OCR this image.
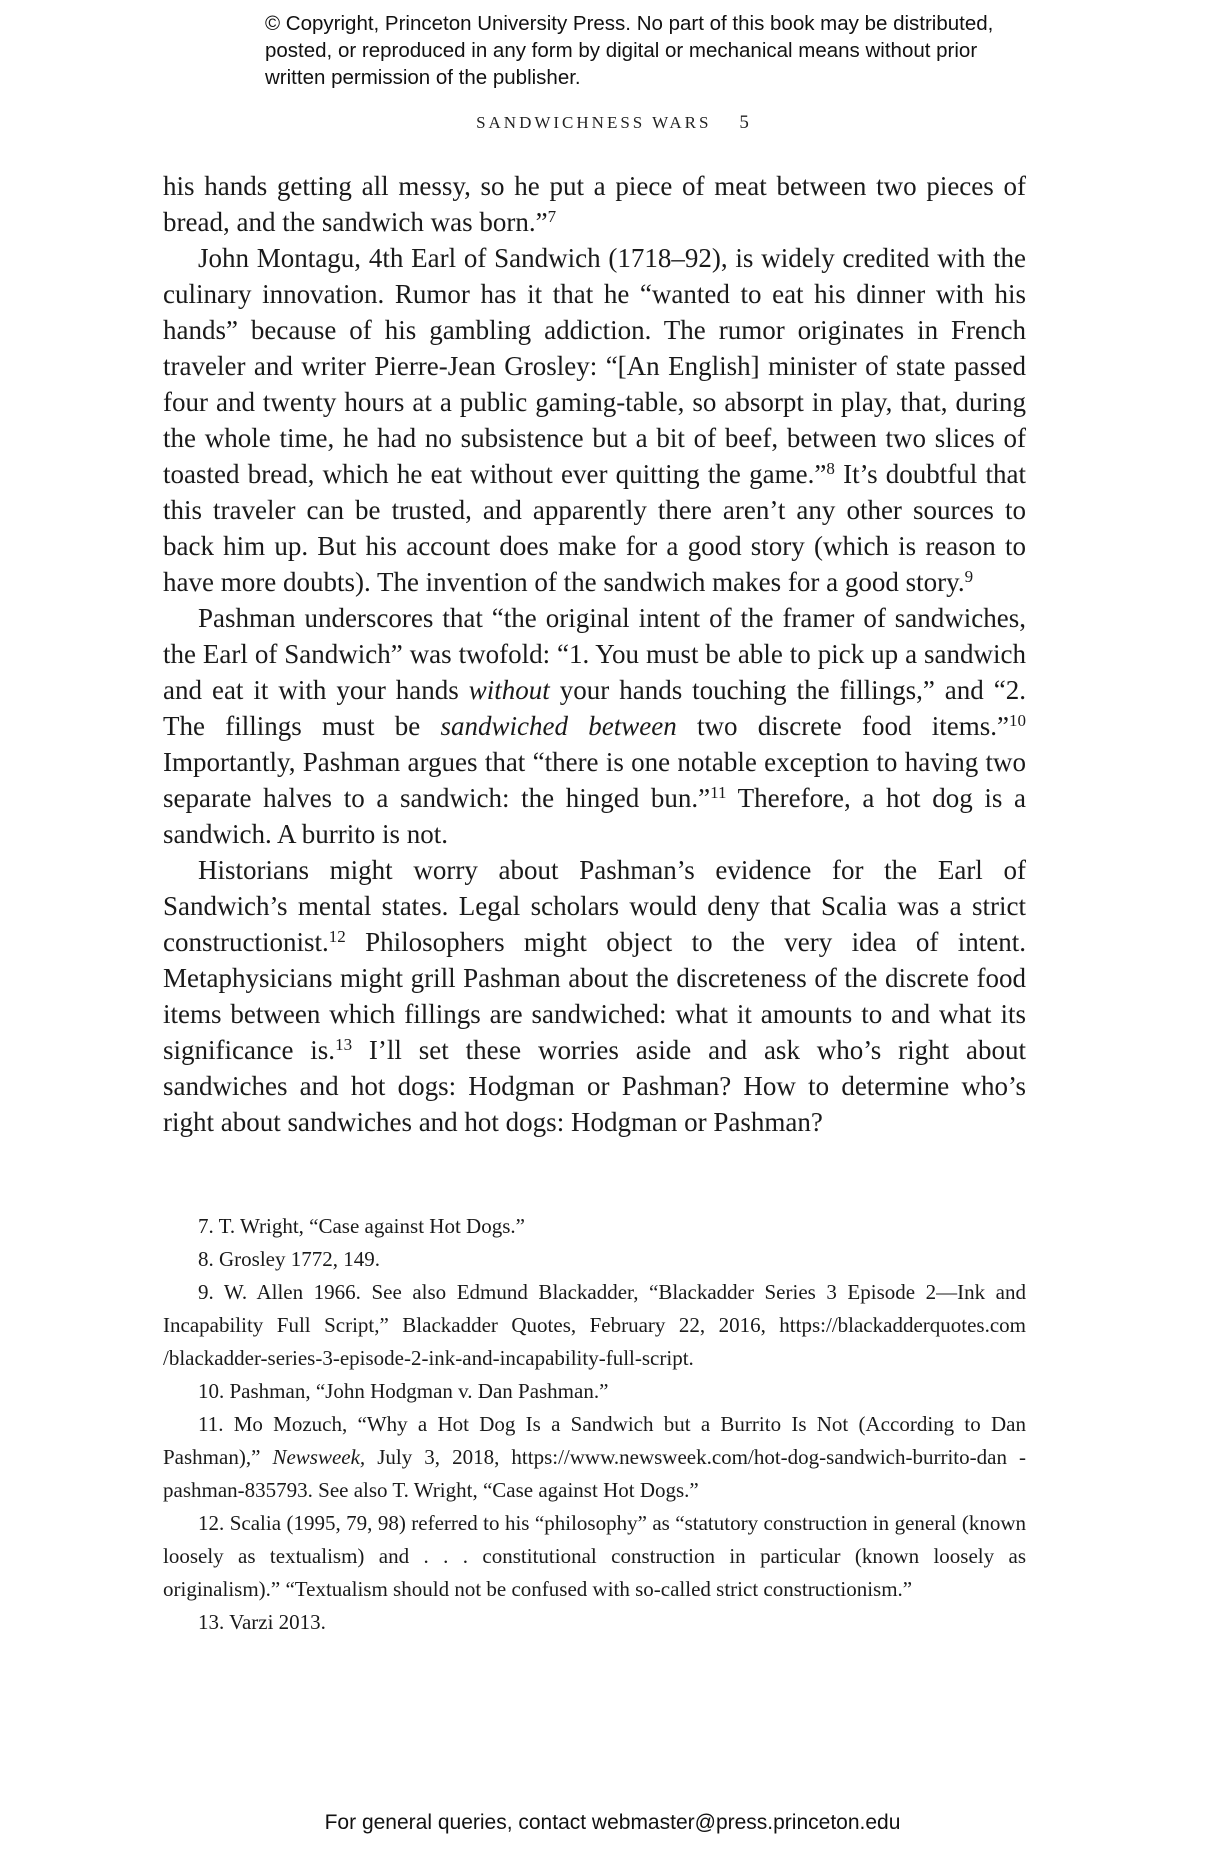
© Copyright, Princeton University Press. No part of this book may be distributed, posted, or reproduced in any form by digital or mechanical means without prior written permission of the publisher.
SANDWICHNESS WARS 5

his hands getting all messy, so he put a piece of meat between two pieces of bread, and the sandwich was born.”$^7$

John Montagu, 4th Earl of Sandwich (1718–92), is widely credited with the culinary innovation. Rumor has it that he “wanted to eat his dinner with his hands” because of his gambling addiction. The rumor originates in French traveler and writer Pierre-Jean Grosley: “[An English] minister of state passed four and twenty hours at a public gaming-table, so absorpt in play, that, during the whole time, he had no subsistence but a bit of beef, between two slices of toasted bread, which he eat without ever quitting the game.”$^8$ It’s doubtful that this traveler can be trusted, and apparently there aren’t any other sources to back him up. But his account does make for a good story (which is reason to have more doubts). The invention of the sandwich makes for a good story.$^9$

Pashman underscores that “the original intent of the framer of sandwiches, the Earl of Sandwich” was twofold: “1. You must be able to pick up a sandwich and eat it with your hands without your hands touching the fillings,” and “2. The fillings must be sandwiched between two discrete food items.”$^{10}$ Importantly, Pashman argues that “there is one notable exception to having two separate halves to a sandwich: the hinged bun.”$^{11}$ Therefore, a hot dog is a sandwich. A burrito is not.

Historians might worry about Pashman’s evidence for the Earl of Sandwich’s mental states. Legal scholars would deny that Scalia was a strict constructionist.$^{12}$ Philosophers might object to the very idea of intent. Metaphysicians might grill Pashman about the discreteness of the discrete food items between which fillings are sandwiched: what it amounts to and what its significance is.$^{13}$ I’ll set these worries aside and ask who’s right about sandwiches and hot dogs: Hodgman or Pashman? How to determine who’s right about sandwiches and hot dogs: Hodgman or Pashman?

7. T. Wright, “Case against Hot Dogs.”

8. Grosley 1772, 149.

9. W. Allen 1966. See also Edmund Blackadder, “Blackadder Series 3 Episode 2—Ink and Incapability Full Script,” Blackadder Quotes, February 22, 2016, https://blackadderquotes.com /blackadder-series-3-episode-2-ink-and-incapability-full-script.

10. Pashman, “John Hodgman v. Dan Pashman.”

11. Mo Mozuch, “Why a Hot Dog Is a Sandwich but a Burrito Is Not (According to Dan Pashman),” Newsweek, July 3, 2018, https://www.newsweek.com/hot-dog-sandwich-burrito-dan -pashman-835793. See also T. Wright, “Case against Hot Dogs.”

12. Scalia (1995, 79, 98) referred to his “philosophy” as “statutory construction in general (known loosely as textualism) and . . . constitutional construction in particular (known loosely as originalism).” “Textualism should not be confused with so-called strict constructionism.”

13. Varzi 2013.

For general queries, contact webmaster@press.princeton.edu
